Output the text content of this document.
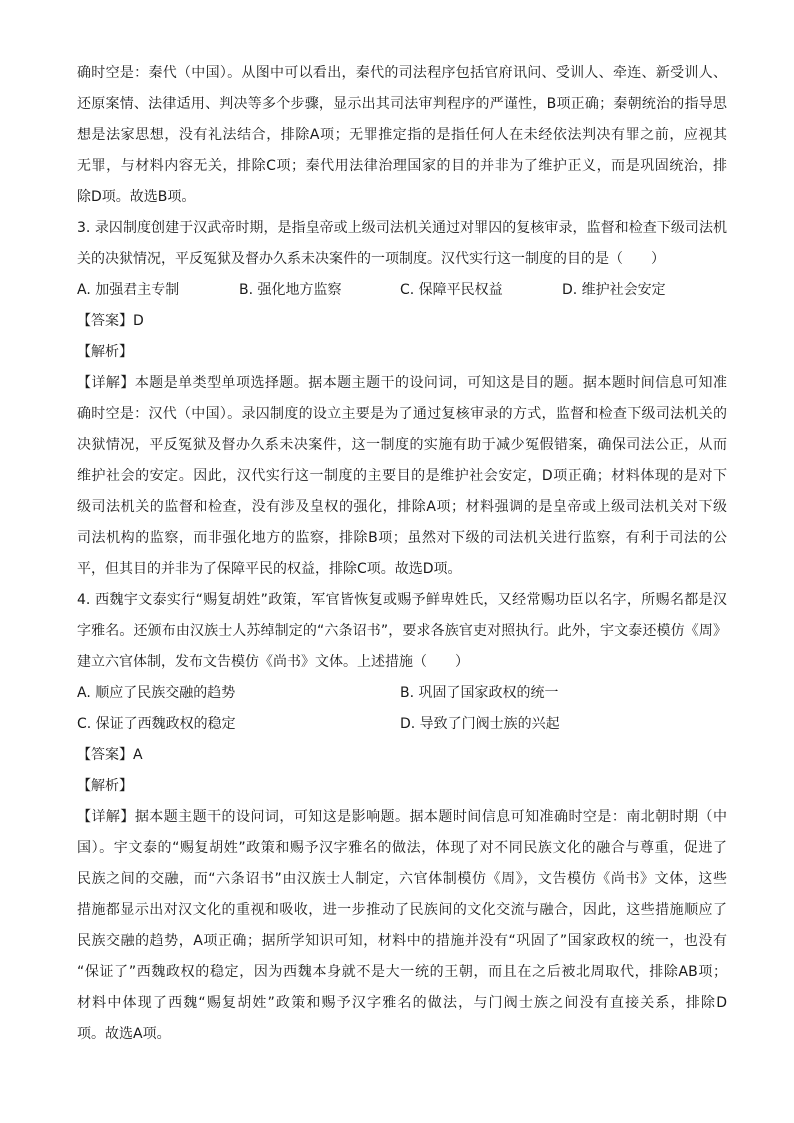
确时空是：秦代（中国）。从图中可以看出，秦代的司法程序包括官府讯问、受训人、牵连、新受训人、
还原案情、法律适用、判决等多个步骤，显示出其司法审判程序的严谨性，B项正确；秦朝统治的指导思
想是法家思想，没有礼法结合，排除A项；无罪推定指的是指任何人在未经依法判决有罪之前，应视其
无罪，与材料内容无关，排除C项；秦代用法律治理国家的目的并非为了维护正义，而是巩固统治，排
除D项。故选B项。
3. 录囚制度创建于汉武帝时期，是指皇帝或上级司法机关通过对罪囚的复核审录，监督和检查下级司法机
关的决狱情况，平反冤狱及督办久系未决案件的一项制度。汉代实行这一制度的目的是（　　）
A. 加强君主专制	B. 强化地方监察	C. 保障平民权益	D. 维护社会安定
【答案】D
【解析】
【详解】本题是单类型单项选择题。据本题主题干的设问词，可知这是目的题。据本题时间信息可知准
确时空是：汉代（中国）。录囚制度的设立主要是为了通过复核审录的方式，监督和检查下级司法机关的
决狱情况，平反冤狱及督办久系未决案件，这一制度的实施有助于减少冤假错案，确保司法公正，从而
维护社会的安定。因此，汉代实行这一制度的主要目的是维护社会安定，D项正确；材料体现的是对下
级司法机关的监督和检查，没有涉及皇权的强化，排除A项；材料强调的是皇帝或上级司法机关对下级
司法机构的监察，而非强化地方的监察，排除B项；虽然对下级的司法机关进行监察，有利于司法的公
平，但其目的并非为了保障平民的权益，排除C项。故选D项。
4. 西魏宇文泰实行“赐复胡姓”政策，军官皆恢复或赐予鲜卑姓氏，又经常赐功臣以名字，所赐名都是汉
字雅名。还颁布由汉族士人苏绰制定的“六条诏书”，要求各族官吏对照执行。此外，宇文泰还模仿《周》
建立六官体制，发布文告模仿《尚书》文体。上述措施（　　）
A. 顺应了民族交融的趋势	B. 巩固了国家政权的统一
C. 保证了西魏政权的稳定	D. 导致了门阀士族的兴起
【答案】A
【解析】
【详解】据本题主题干的设问词，可知这是影响题。据本题时间信息可知准确时空是：南北朝时期（中
国）。宇文泰的“赐复胡姓”政策和赐予汉字雅名的做法，体现了对不同民族文化的融合与尊重，促进了
民族之间的交融，而“六条诏书”由汉族士人制定，六官体制模仿《周》，文告模仿《尚书》文体，这些
措施都显示出对汉文化的重视和吸收，进一步推动了民族间的文化交流与融合，因此，这些措施顺应了
民族交融的趋势，A项正确；据所学知识可知，材料中的措施并没有“巩固了”国家政权的统一，也没有
“保证了”西魏政权的稳定，因为西魏本身就不是大一统的王朝，而且在之后被北周取代，排除AB项；
材料中体现了西魏“赐复胡姓”政策和赐予汉字雅名的做法，与门阀士族之间没有直接关系，排除D
项。故选A项。
